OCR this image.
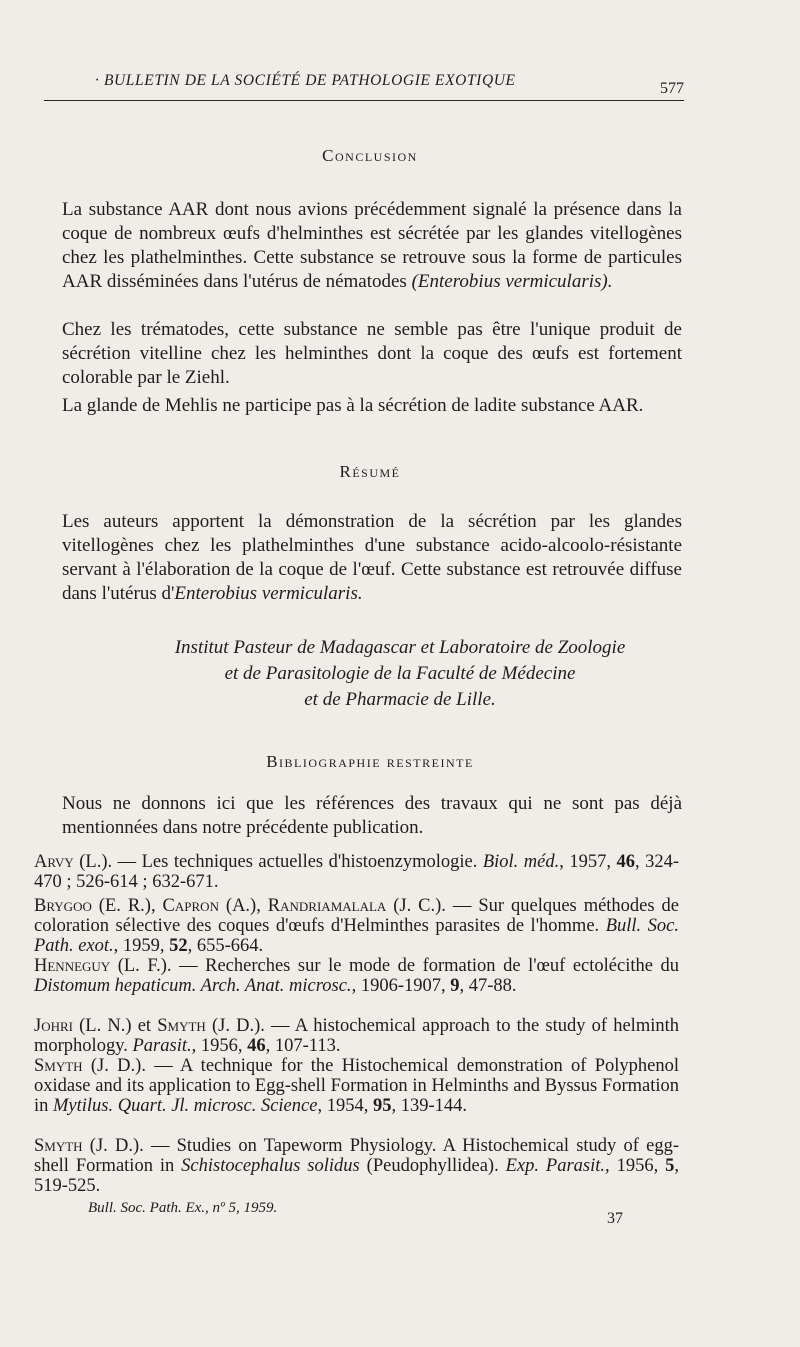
· BULLETIN DE LA SOCIÉTÉ DE PATHOLOGIE EXOTIQUE	577
Conclusion
La substance AAR dont nous avions précédemment signalé la présence dans la coque de nombreux œufs d'helminthes est sécrétée par les glandes vitellogènes chez les plathelminthes. Cette substance se retrouve sous la forme de particules AAR disséminées dans l'utérus de nématodes (Enterobius vermicularis).
Chez les trématodes, cette substance ne semble pas être l'unique produit de sécrétion vitelline chez les helminthes dont la coque des œufs est fortement colorable par le Ziehl.
La glande de Mehlis ne participe pas à la sécrétion de ladite substance AAR.
Résumé
Les auteurs apportent la démonstration de la sécrétion par les glandes vitellogènes chez les plathelminthes d'une substance acido-alcoolo-résistante servant à l'élaboration de la coque de l'œuf. Cette substance est retrouvée diffuse dans l'utérus d'Enterobius vermicularis.
Institut Pasteur de Madagascar et Laboratoire de Zoologie
et de Parasitologie de la Faculté de Médecine
et de Pharmacie de Lille.
Bibliographie restreinte
Nous ne donnons ici que les références des travaux qui ne sont pas déjà mentionnées dans notre précédente publication.
Arvy (L.). — Les techniques actuelles d'histoenzymologie. Biol. méd., 1957, 46, 324-470 ; 526-614 ; 632-671.
Brygoo (E. R.), Capron (A.), Randriamalala (J. C.). — Sur quelques méthodes de coloration sélective des coques d'œufs d'Helminthes parasites de l'homme. Bull. Soc. Path. exot., 1959, 52, 655-664.
Henneguy (L. F.). — Recherches sur le mode de formation de l'œuf ectolécithe du Distomum hepaticum. Arch. Anat. microsc., 1906-1907, 9, 47-88.
Johri (L. N.) et Smyth (J. D.). — A histochemical approach to the study of helminth morphology. Parasit., 1956, 46, 107-113.
Smyth (J. D.). — A technique for the Histochemical demonstration of Polyphenol oxidase and its application to Egg-shell Formation in Helminths and Byssus Formation in Mytilus. Quart. Jl. microsc. Science, 1954, 95, 139-144.
Smyth (J. D.). — Studies on Tapeworm Physiology. A Histochemical study of egg-shell Formation in Schistocephalus solidus (Peudophyllidea). Exp. Parasit., 1956, 5, 519-525.
Bull. Soc. Path. Ex., nº 5, 1959.
37
